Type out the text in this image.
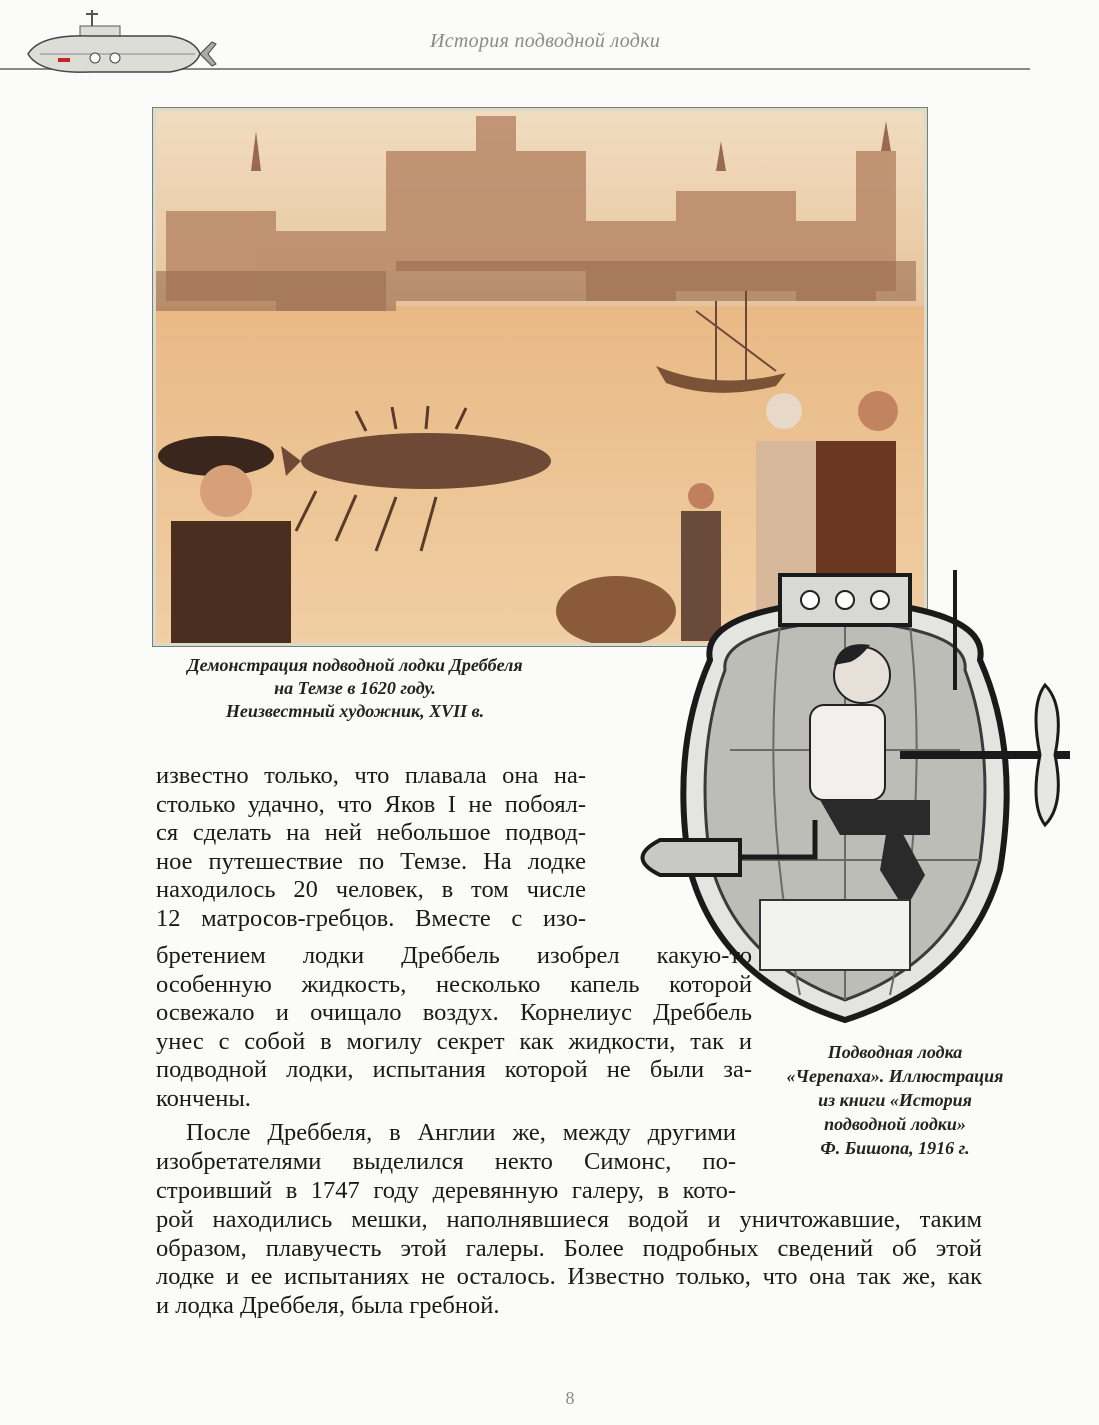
История подводной лодки
Демонстрация подводной лодки Дреббеля
на Темзе в 1620 году.
Неизвестный художник, XVII в.
Подводная лодка
«Черепаха». Иллюстрация
из книги «История
подводной лодки»
Ф. Бишопа, 1916 г.
известно только, что плавала она на-
столько удачно, что Яков I не побоял-
ся сделать на ней небольшое подвод-
ное путешествие по Темзе. На лодке
находилось 20 человек, в том числе
12 матросов-гребцов. Вместе с изо-
бретением лодки Дреббель изобрел какую-то
особенную жидкость, несколько капель которой
освежало и очищало воздух. Корнелиус Дреббель
унес с собой в могилу секрет как жидкости, так и
подводной лодки, испытания которой не были за-
кончены.
После Дреббеля, в Англии же, между другими
изобретателями выделился некто Симонс, по-
строивший в 1747 году деревянную галеру, в кото-
рой находились мешки, наполнявшиеся водой и уничтожавшие, таким
образом, плавучесть этой галеры. Более подробных сведений об этой
лодке и ее испытаниях не осталось. Известно только, что она так же, как
и лодка Дреббеля, была гребной.
8
